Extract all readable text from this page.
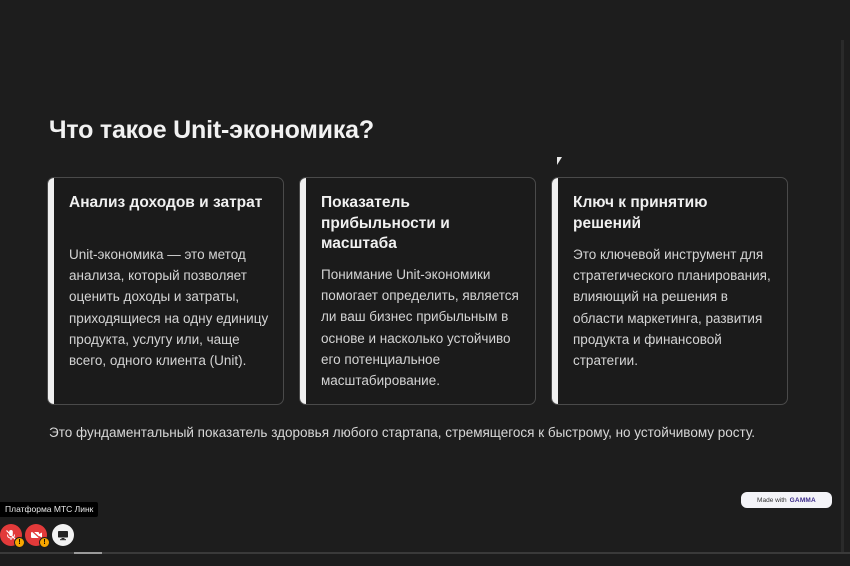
Что такое Unit-экономика?
Анализ доходов и затрат

Unit-экономика — это метод анализа, который позволяет оценить доходы и затраты, приходящиеся на одну единицу продукта, услугу или, чаще всего, одного клиента (Unit).

Показатель прибыльности и масштаба

Понимание Unit-экономики помогает определить, является ли ваш бизнес прибыльным в основе и насколько устойчиво его потенциальное масштабирование.

Ключ к принятию решений

Это ключевой инструмент для стратегического планирования, влияющий на решения в области маркетинга, развития продукта и финансовой стратегии.

Это фундаментальный показатель здоровья любого стартапа, стремящегося к быстрому, но устойчивому росту.

Made with GAMMA
Платформа МТС Линк
!	!
